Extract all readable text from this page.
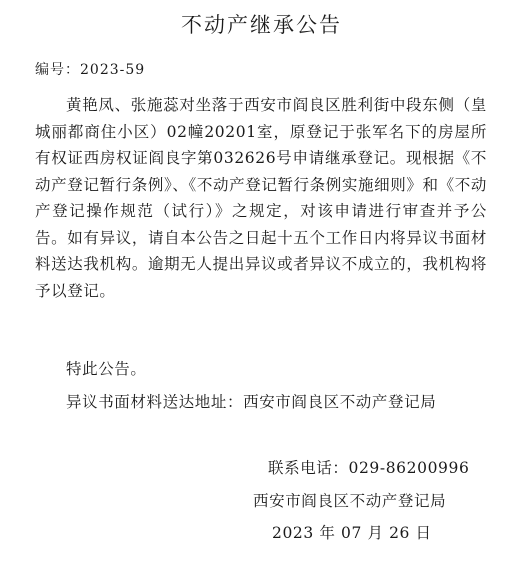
不动产继承公告
编号：2023-59

黄艳凤、张施蕊对坐落于西安市阎良区胜利街中段东侧（皇城丽都商住小区）02幢20201室，原登记于张军名下的房屋所有权证西房权证阎良字第032626号申请继承登记。现根据《不动产登记暂行条例》、《不动产登记暂行条例实施细则》和《不动产登记操作规范（试行）》之规定，对该申请进行审查并予公告。如有异议，请自本公告之日起十五个工作日内将异议书面材料送达我机构。逾期无人提出异议或者异议不成立的，我机构将予以登记。

特此公告。
异议书面材料送达地址：西安市阎良区不动产登记局
联系电话：029-86200996
西安市阎良区不动产登记局
2023 年 07 月 26 日
